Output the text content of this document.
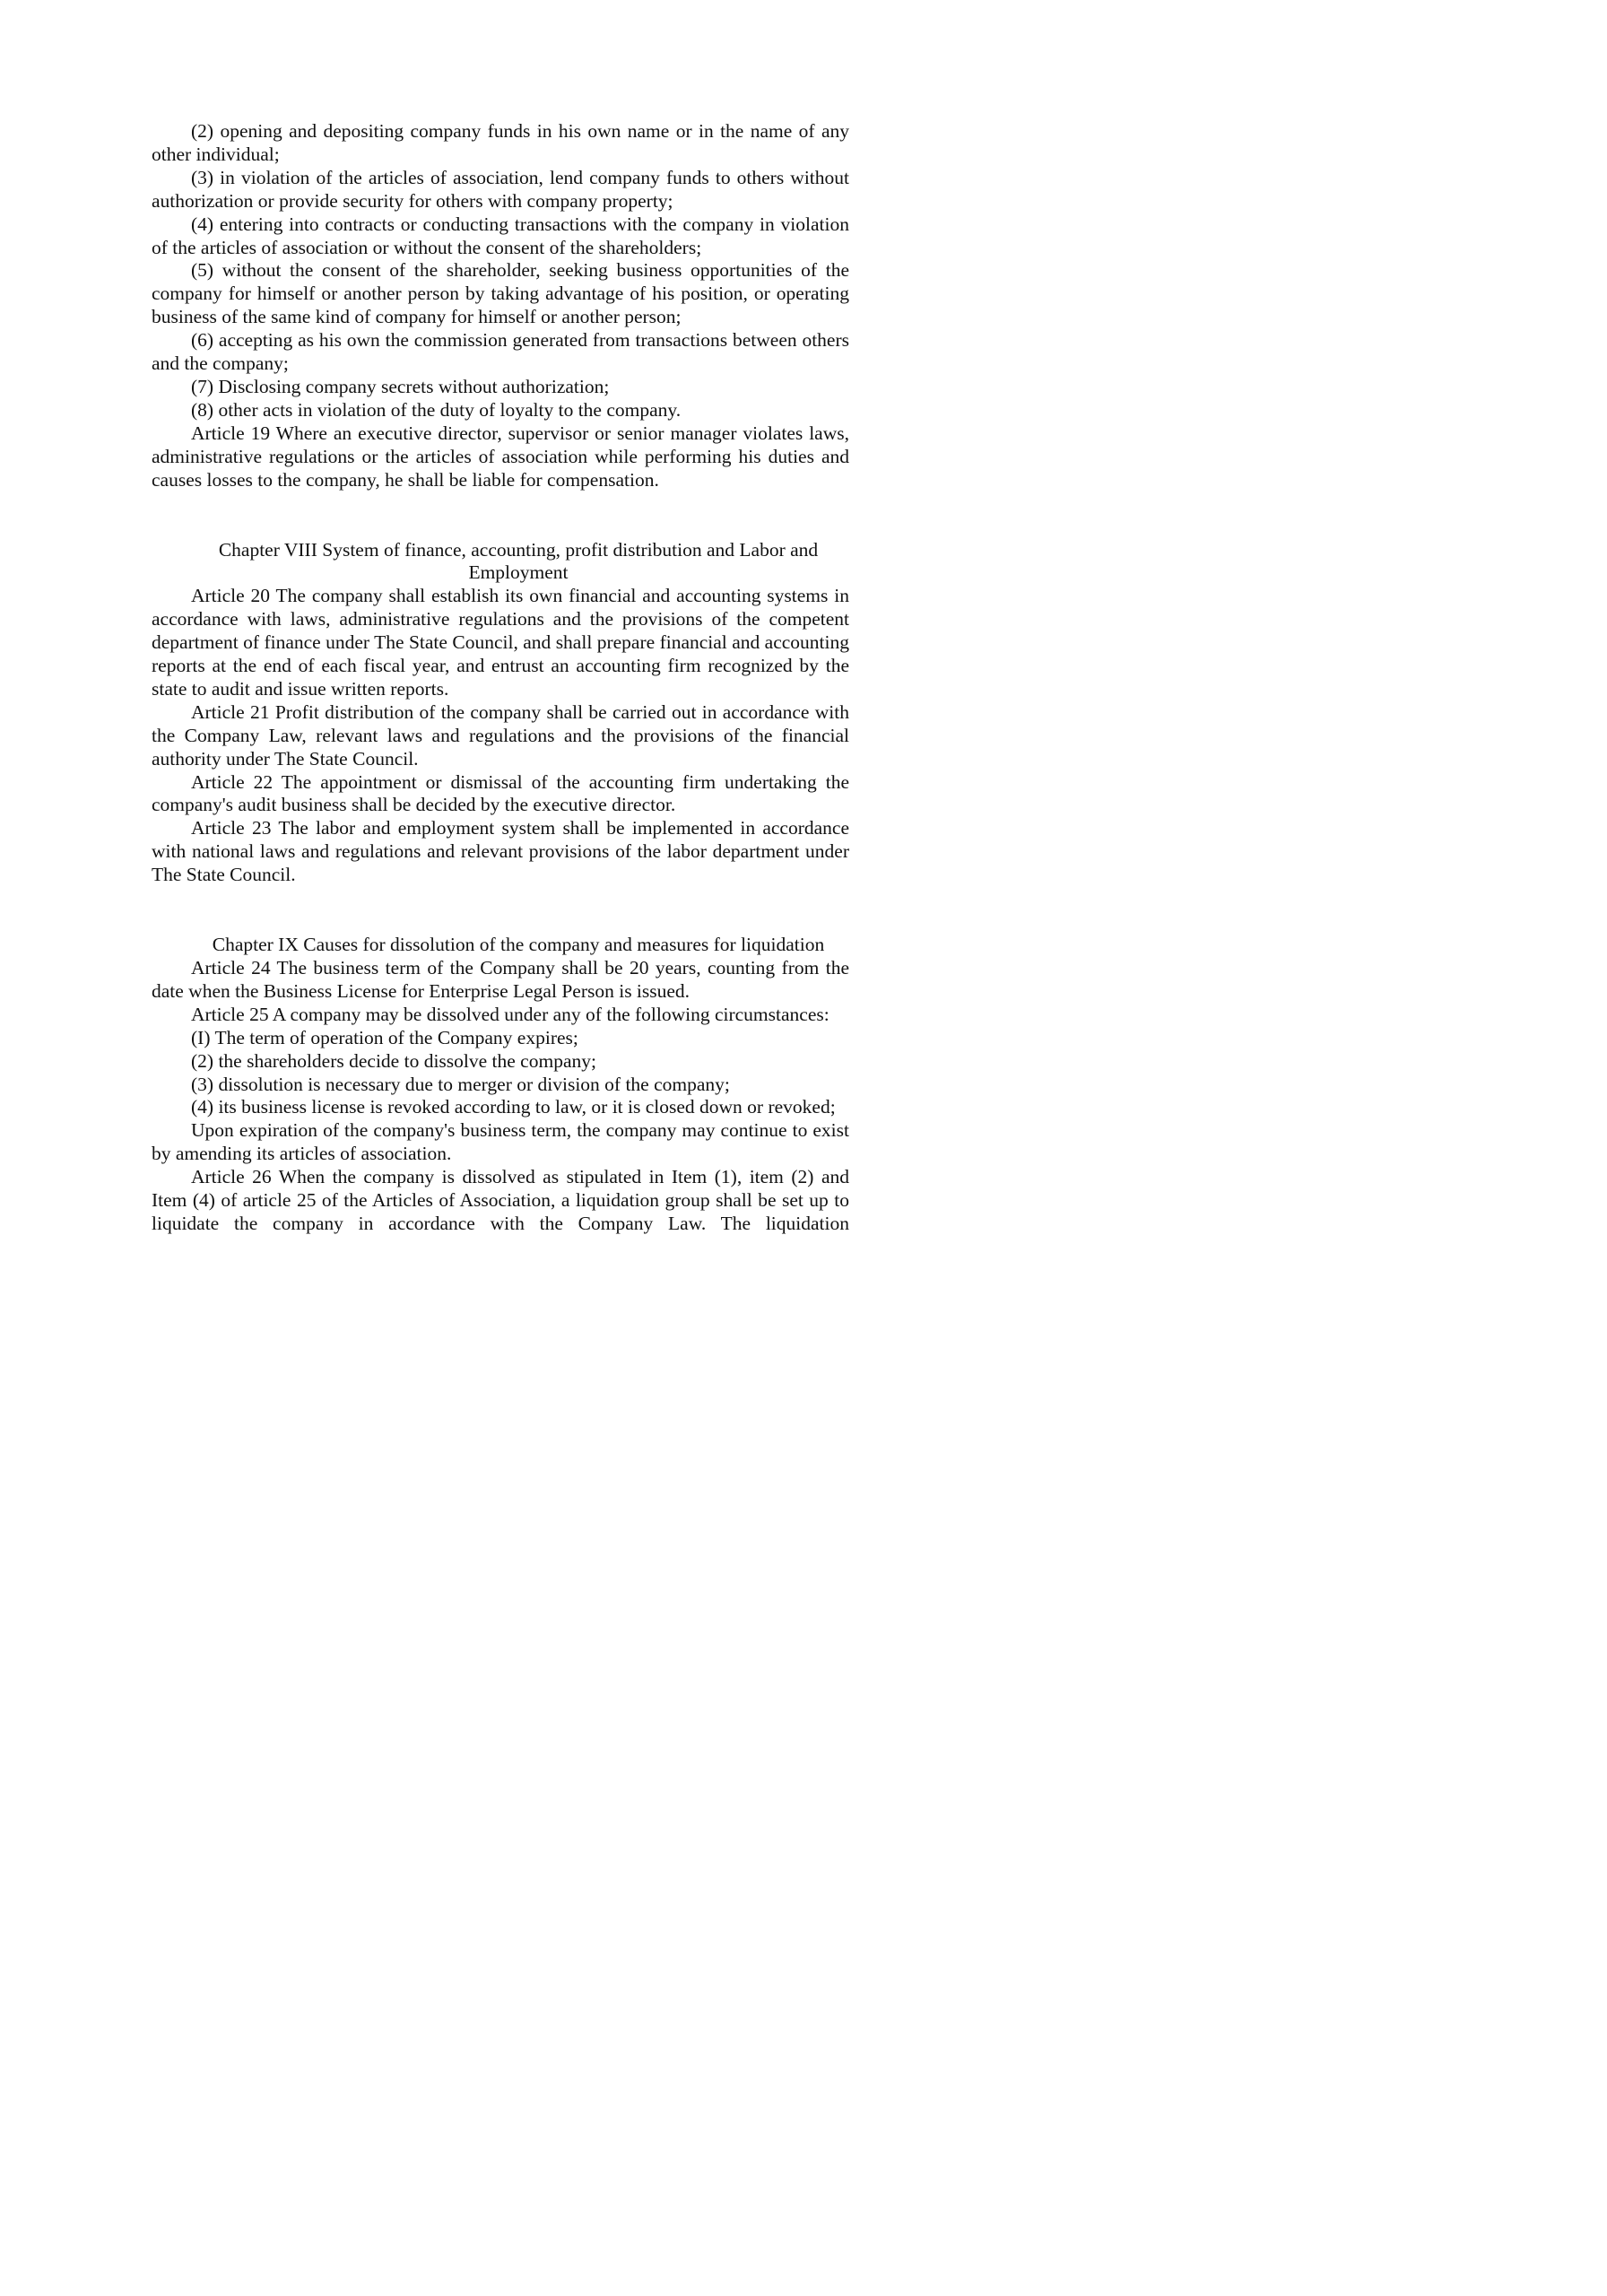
(2) opening and depositing company funds in his own name or in the name of any other individual;

(3) in violation of the articles of association, lend company funds to others without authorization or provide security for others with company property;

(4) entering into contracts or conducting transactions with the company in violation of the articles of association or without the consent of the shareholders;

(5) without the consent of the shareholder, seeking business opportunities of the company for himself or another person by taking advantage of his position, or operating business of the same kind of company for himself or another person;

(6) accepting as his own the commission generated from transactions between others and the company;

(7) Disclosing company secrets without authorization;

(8) other acts in violation of the duty of loyalty to the company.

Article 19 Where an executive director, supervisor or senior manager violates laws, administrative regulations or the articles of association while performing his duties and causes losses to the company, he shall be liable for compensation.

Chapter VIII System of finance, accounting, profit distribution and Labor and Employment

Article 20 The company shall establish its own financial and accounting systems in accordance with laws, administrative regulations and the provisions of the competent department of finance under The State Council, and shall prepare financial and accounting reports at the end of each fiscal year, and entrust an accounting firm recognized by the state to audit and issue written reports.

Article 21 Profit distribution of the company shall be carried out in accordance with the Company Law, relevant laws and regulations and the provisions of the financial authority under The State Council.

Article 22 The appointment or dismissal of the accounting firm undertaking the company's audit business shall be decided by the executive director.

Article 23 The labor and employment system shall be implemented in accordance with national laws and regulations and relevant provisions of the labor department under The State Council.

Chapter IX Causes for dissolution of the company and measures for liquidation

Article 24 The business term of the Company shall be 20 years, counting from the date when the Business License for Enterprise Legal Person is issued.

Article 25 A company may be dissolved under any of the following circumstances:

(I) The term of operation of the Company expires;

(2) the shareholders decide to dissolve the company;

(3) dissolution is necessary due to merger or division of the company;

(4) its business license is revoked according to law, or it is closed down or revoked;

Upon expiration of the company's business term, the company may continue to exist by amending its articles of association.

Article 26 When the company is dissolved as stipulated in Item (1), item (2) and Item (4) of article 25 of the Articles of Association, a liquidation group shall be set up to liquidate the company in accordance with the Company Law. The liquidation
